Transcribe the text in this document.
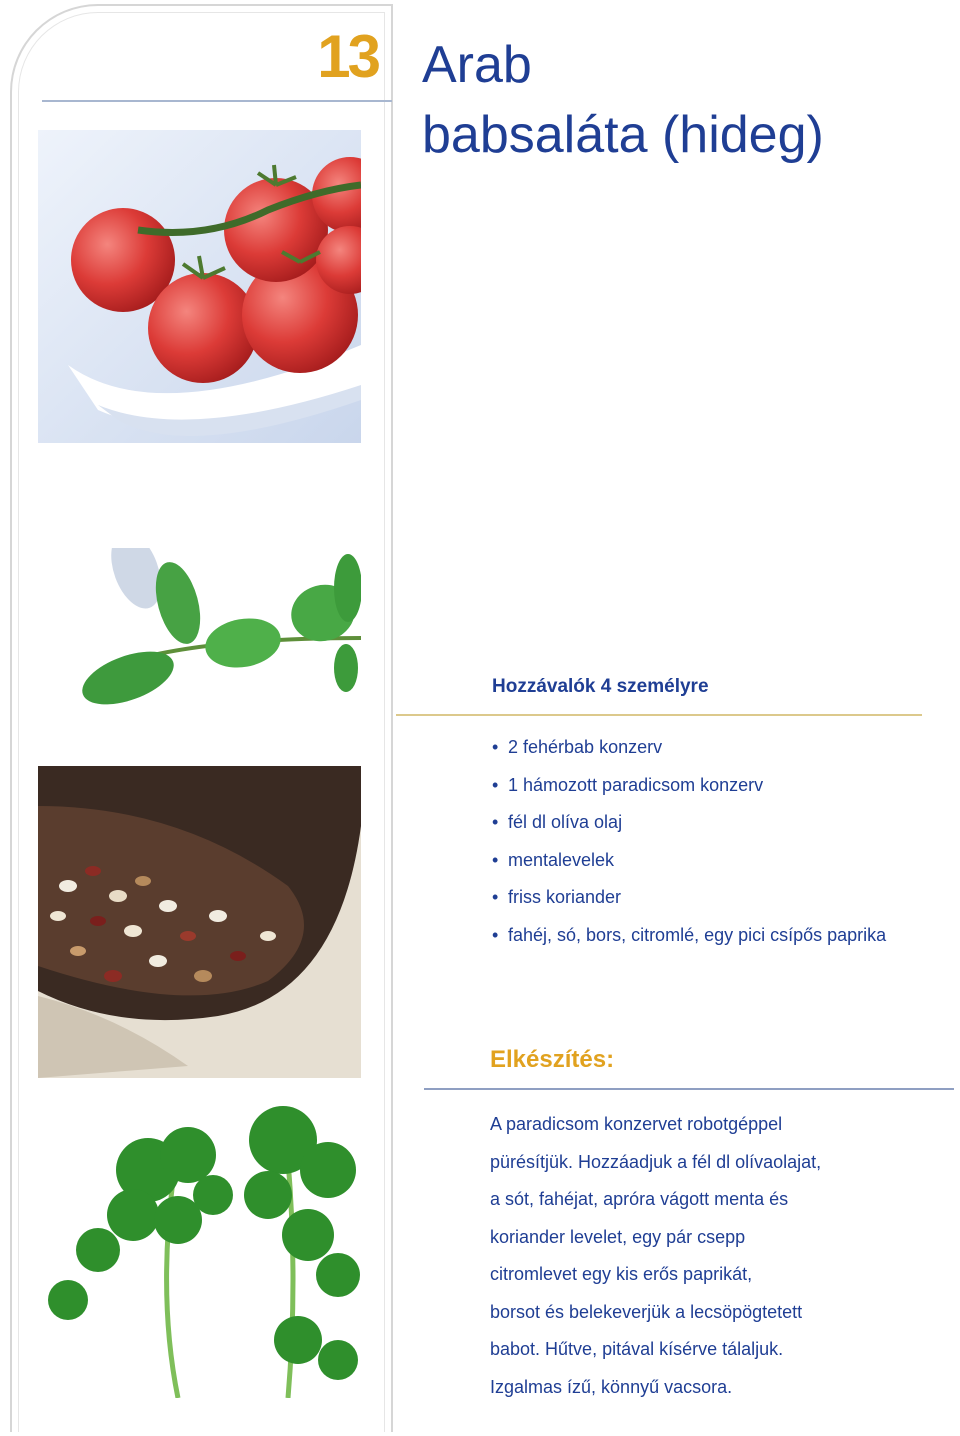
13 Arab
babsaláta (hideg)
Hozzávalók 4 személyre
• 2 fehérbab konzerv
• 1 hámozott paradicsom konzerv
• fél dl olíva olaj
• mentalevelek
• friss koriander
• fahéj, só, bors, citromlé, egy pici csípős paprika
Elkészítés:
A paradicsom konzervet robotgéppel
pürésítjük. Hozzáadjuk a fél dl olívaolajat,
a sót, fahéjat, apróra vágott menta és
koriander levelet, egy pár csepp
citromlevet egy kis erős paprikát,
borsot és belekeverjük a lecsöpögtetett
babot. Hűtve, pitával kísérve tálaljuk.
Izgalmas ízű, könnyű vacsora.
